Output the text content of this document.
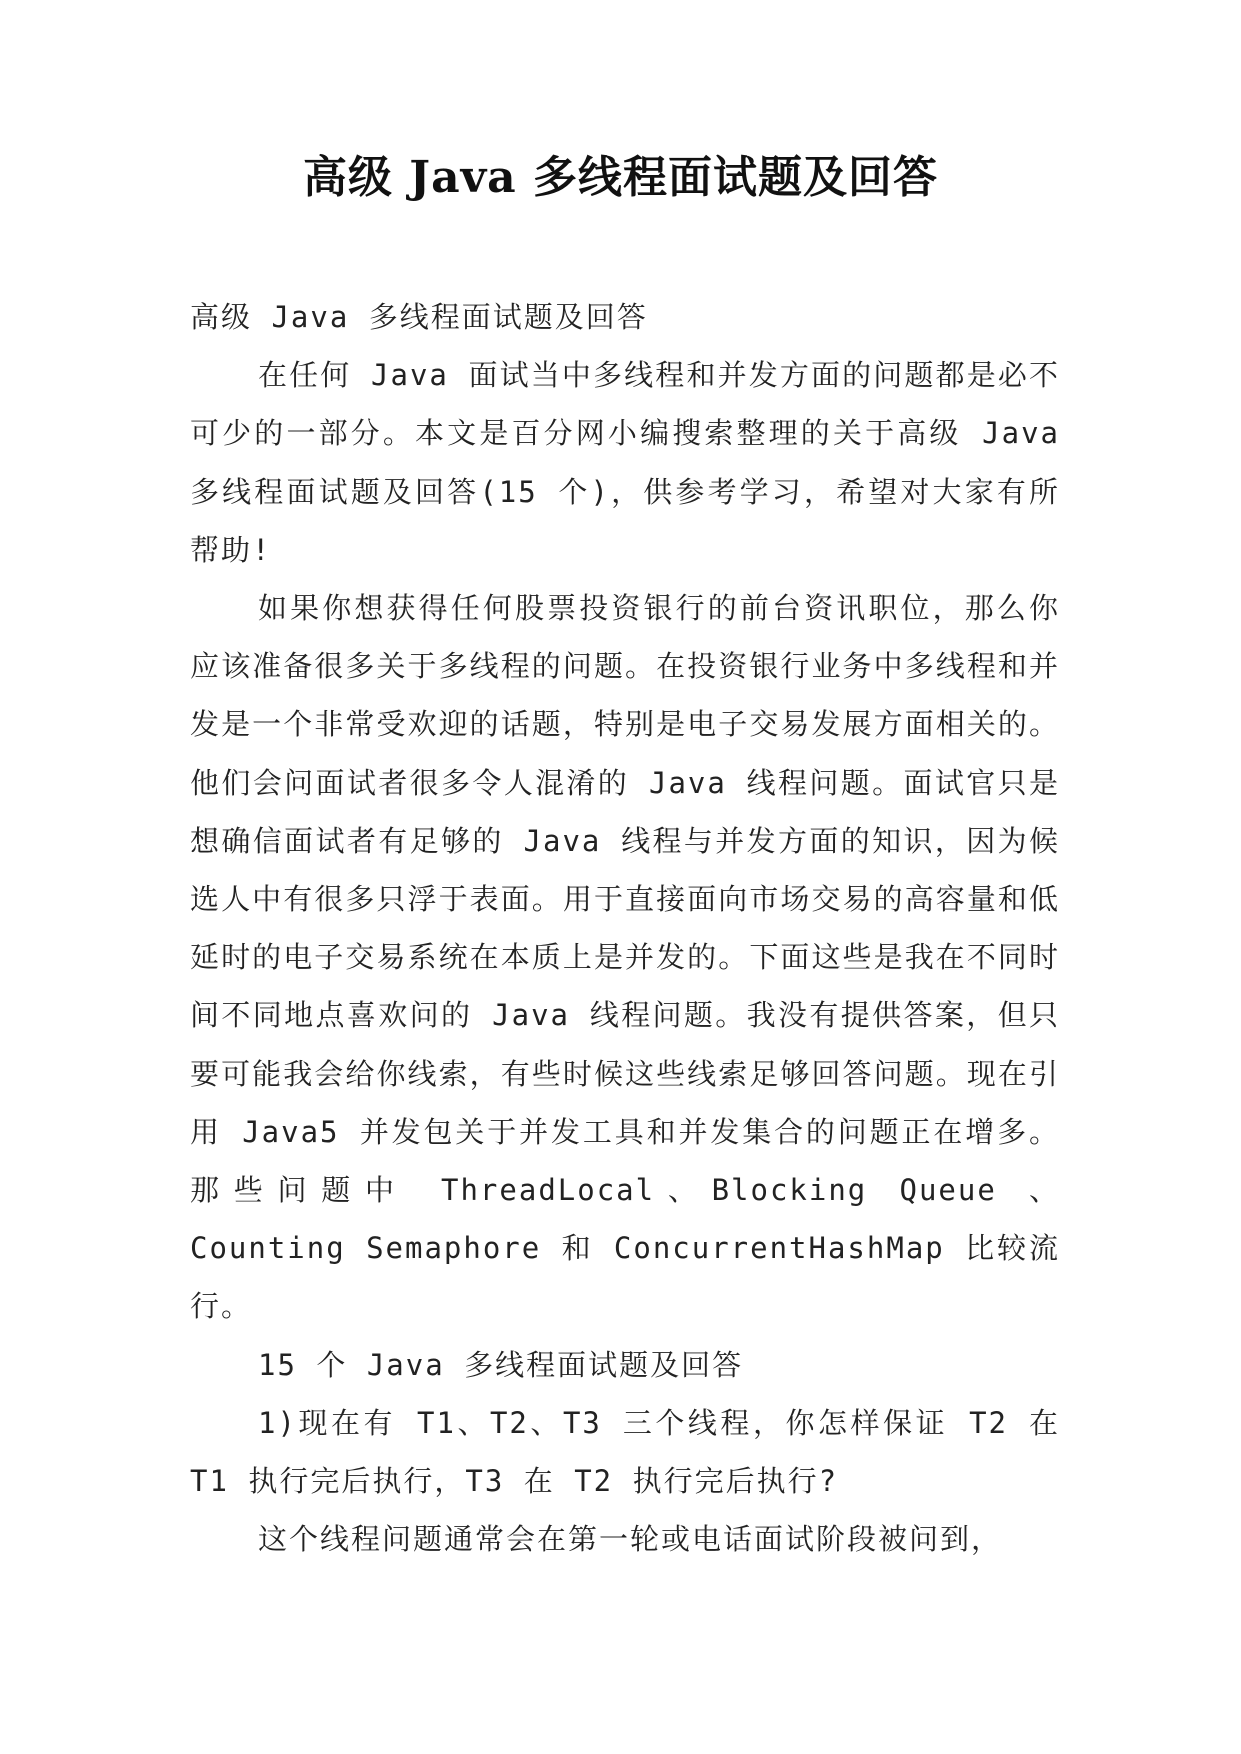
高级 Java 多线程面试题及回答

高级 Java 多线程面试题及回答

在任何 Java 面试当中多线程和并发方面的问题都是必不可少的一部分。本文是百分网小编搜索整理的关于高级 Java 多线程面试题及回答(15 个)，供参考学习，希望对大家有所帮助!

如果你想获得任何股票投资银行的前台资讯职位，那么你应该准备很多关于多线程的问题。在投资银行业务中多线程和并发是一个非常受欢迎的话题，特别是电子交易发展方面相关的。他们会问面试者很多令人混淆的 Java 线程问题。面试官只是想确信面试者有足够的 Java 线程与并发方面的知识，因为候选人中有很多只浮于表面。用于直接面向市场交易的高容量和低延时的电子交易系统在本质上是并发的。下面这些是我在不同时间不同地点喜欢问的 Java 线程问题。我没有提供答案，但只要可能我会给你线索，有些时候这些线索足够回答问题。现在引用 Java5 并发包关于并发工具和并发集合的问题正在增多。那些问题中 ThreadLocal、Blocking Queue 、 Counting Semaphore 和 ConcurrentHashMap 比较流行。

15 个 Java 多线程面试题及回答

1)现在有 T1、T2、T3 三个线程，你怎样保证 T2 在 T1 执行完后执行，T3 在 T2 执行完后执行?

这个线程问题通常会在第一轮或电话面试阶段被问到，
